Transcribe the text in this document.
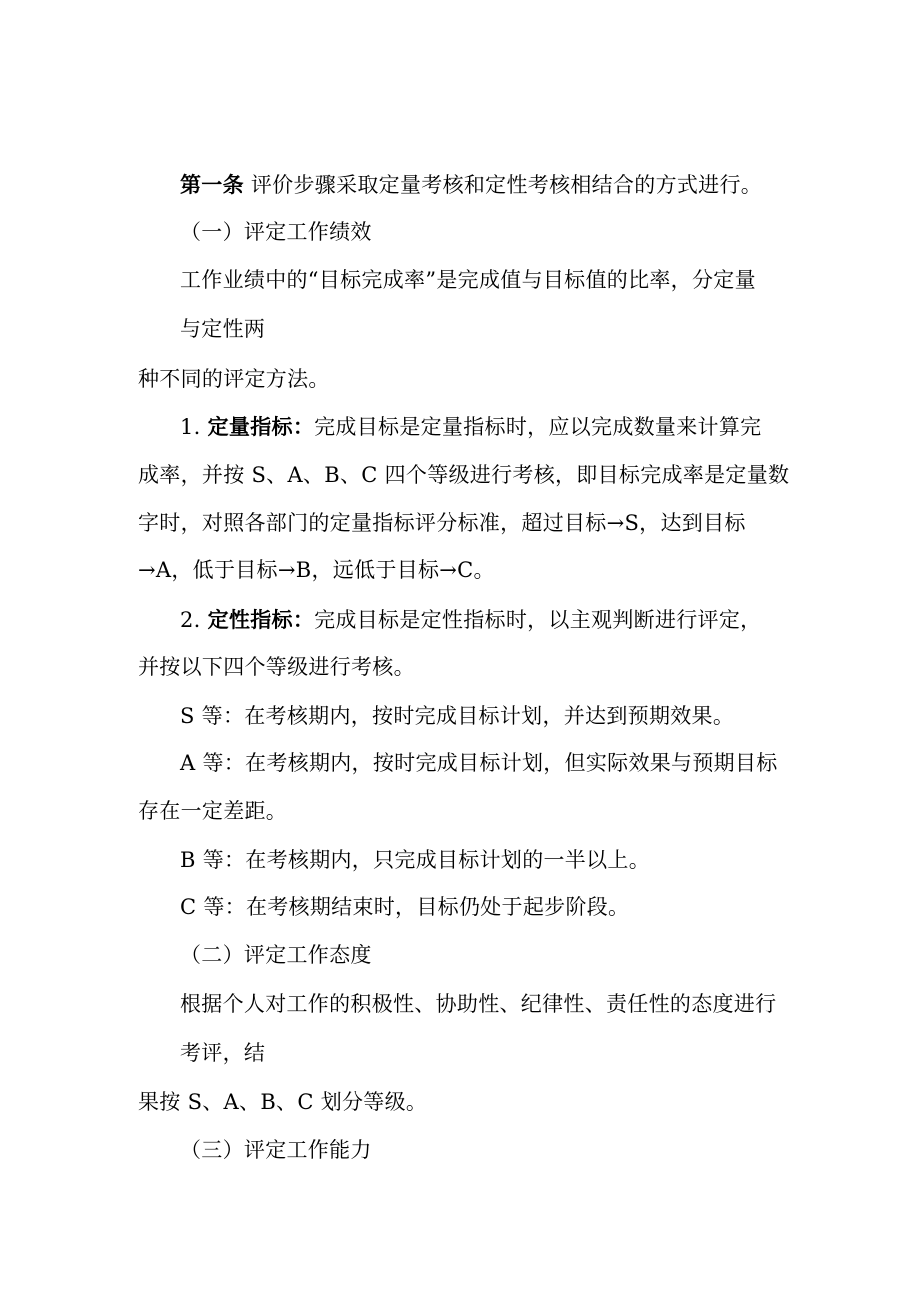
第一条 评价步骤采取定量考核和定性考核相结合的方式进行。
（一）评定工作绩效
工作业绩中的“目标完成率”是完成值与目标值的比率，分定量
与定性两
种不同的评定方法。
1. 定量指标：完成目标是定量指标时，应以完成数量来计算完
成率，并按 S、A、B、C 四个等级进行考核，即目标完成率是定量数
字时，对照各部门的定量指标评分标准，超过目标→S，达到目标
→A，低于目标→B，远低于目标→C。
2. 定性指标：完成目标是定性指标时，以主观判断进行评定，
并按以下四个等级进行考核。
S 等：在考核期内，按时完成目标计划，并达到预期效果。
A 等：在考核期内，按时完成目标计划，但实际效果与预期目标
存在一定差距。
B 等：在考核期内，只完成目标计划的一半以上。
C 等：在考核期结束时，目标仍处于起步阶段。
（二）评定工作态度
根据个人对工作的积极性、协助性、纪律性、责任性的态度进行
考评，结
果按 S、A、B、C 划分等级。
（三）评定工作能力
